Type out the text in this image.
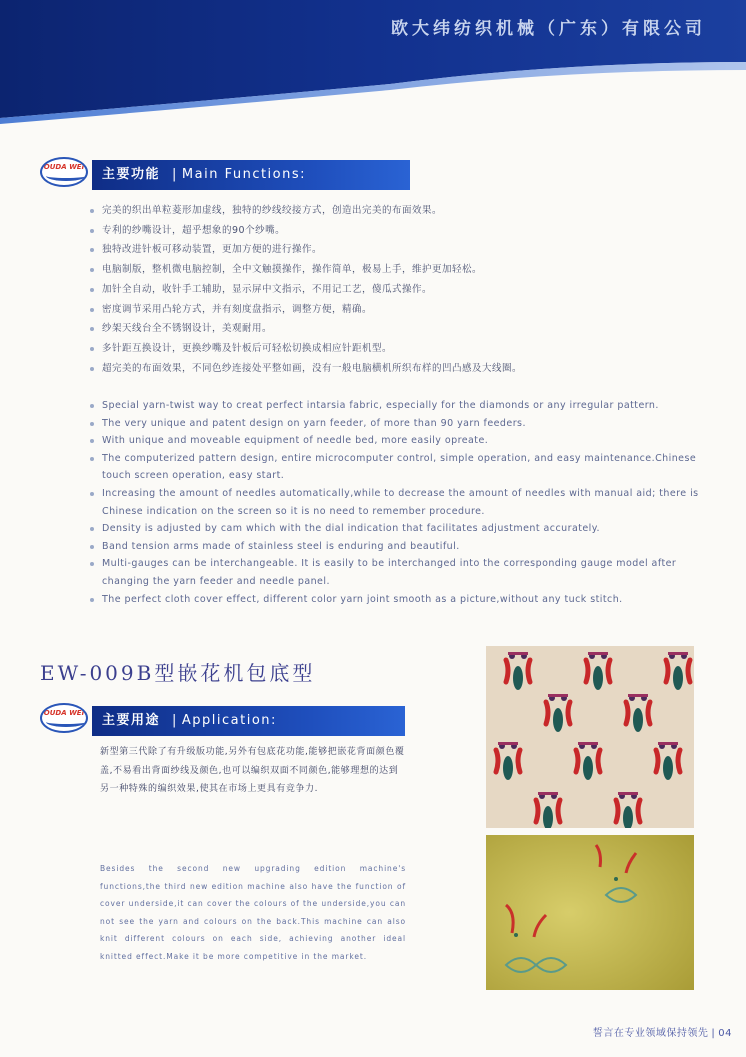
欧大纬纺织机械（广东）有限公司
OUDA WEI	主要功能 | Main Functions:
完美的织出单粒菱形加虚线，独特的纱线绞接方式，创造出完美的布面效果。
专利的纱嘴设计，超乎想象的90个纱嘴。
独特改进针板可移动装置，更加方便的进行操作。
电脑制版，整机微电脑控制，全中文触摸操作，操作简单，极易上手，维护更加轻松。
加针全自动，收针手工辅助，显示屏中文指示，不用记工艺，傻瓜式操作。
密度调节采用凸轮方式，并有刻度盘指示，调整方便，精确。
纱架天线台全不锈钢设计，美观耐用。
多针距互换设计，更换纱嘴及针板后可轻松切换成相应针距机型。
超完美的布面效果，不同色纱连接处平整如画，没有一般电脑横机所织布样的凹凸感及大线圈。
Special yarn-twist way to creat perfect intarsia fabric, especially for the diamonds or any irregular pattern.
The very unique and patent design on yarn feeder, of more than 90 yarn feeders.
With unique and moveable equipment of needle bed, more easily opreate.
The computerized pattern design, entire microcomputer control, simple operation, and easy maintenance.Chinese touch screen operation, easy start.
Increasing the amount of needles automatically,while to decrease the amount of needles with manual aid; there is Chinese indication on the screen so it is no need to remember procedure.
Density is adjusted by cam which with the dial indication that facilitates adjustment accurately.
Band tension arms made of stainless steel is enduring and beautiful.
Multi-gauges can be interchangeable. It is easily to be interchanged into the corresponding gauge model after changing the yarn feeder and needle panel.
The perfect cloth cover effect, different color yarn joint smooth as a picture,without any tuck stitch.
EW-009B型嵌花机包底型
OUDA WEI	主要用途 | Application:

新型第三代除了有升级版功能,另外有包底花功能,能够把嵌花背面颜色覆盖,不易看出背面纱线及颜色,也可以编织双面不同颜色,能够理想的达到另一种特殊的编织效果,使其在市场上更具有竞争力.

Besides the second new upgrading edition machine's functions,the third new edition machine also have the function of cover underside,it can cover the colours of the underside,you can not see the yarn and colours on the back.This machine can also knit different colours on each side, achieving another ideal knitted effect.Make it be more competitive in the market.

誓言在专业领域保持领先 | 04
